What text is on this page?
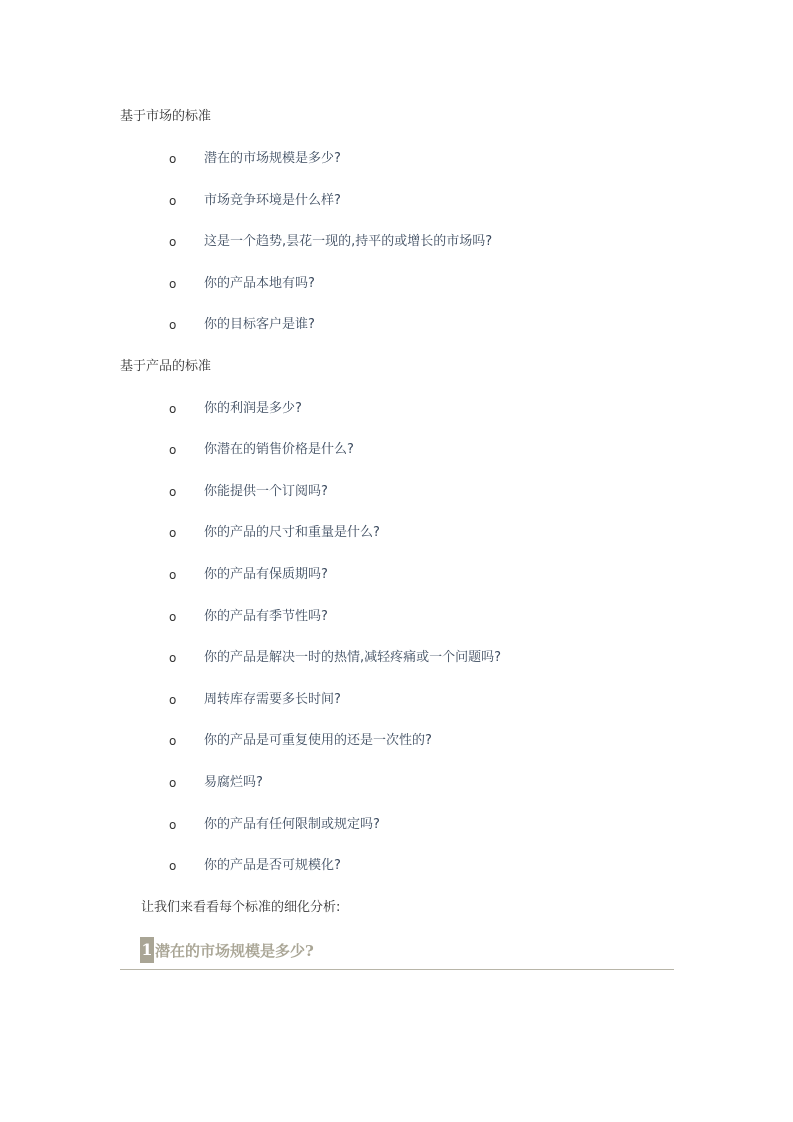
基于市场的标准
o 潜在的市场规模是多少?
o 市场竞争环境是什么样?
o 这是一个趋势,昙花一现的,持平的或增长的市场吗?
o 你的产品本地有吗?
o 你的目标客户是谁?
基于产品的标准
o 你的利润是多少?
o 你潜在的销售价格是什么?
o 你能提供一个订阅吗?
o 你的产品的尺寸和重量是什么?
o 你的产品有保质期吗?
o 你的产品有季节性吗?
o 你的产品是解决一时的热情,减轻疼痛或一个问题吗?
o 周转库存需要多长时间?
o 你的产品是可重复使用的还是一次性的?
o 易腐烂吗?
o 你的产品有任何限制或规定吗?
o 你的产品是否可规模化?
让我们来看看每个标准的细化分析:
1 潜在的市场规模是多少?
